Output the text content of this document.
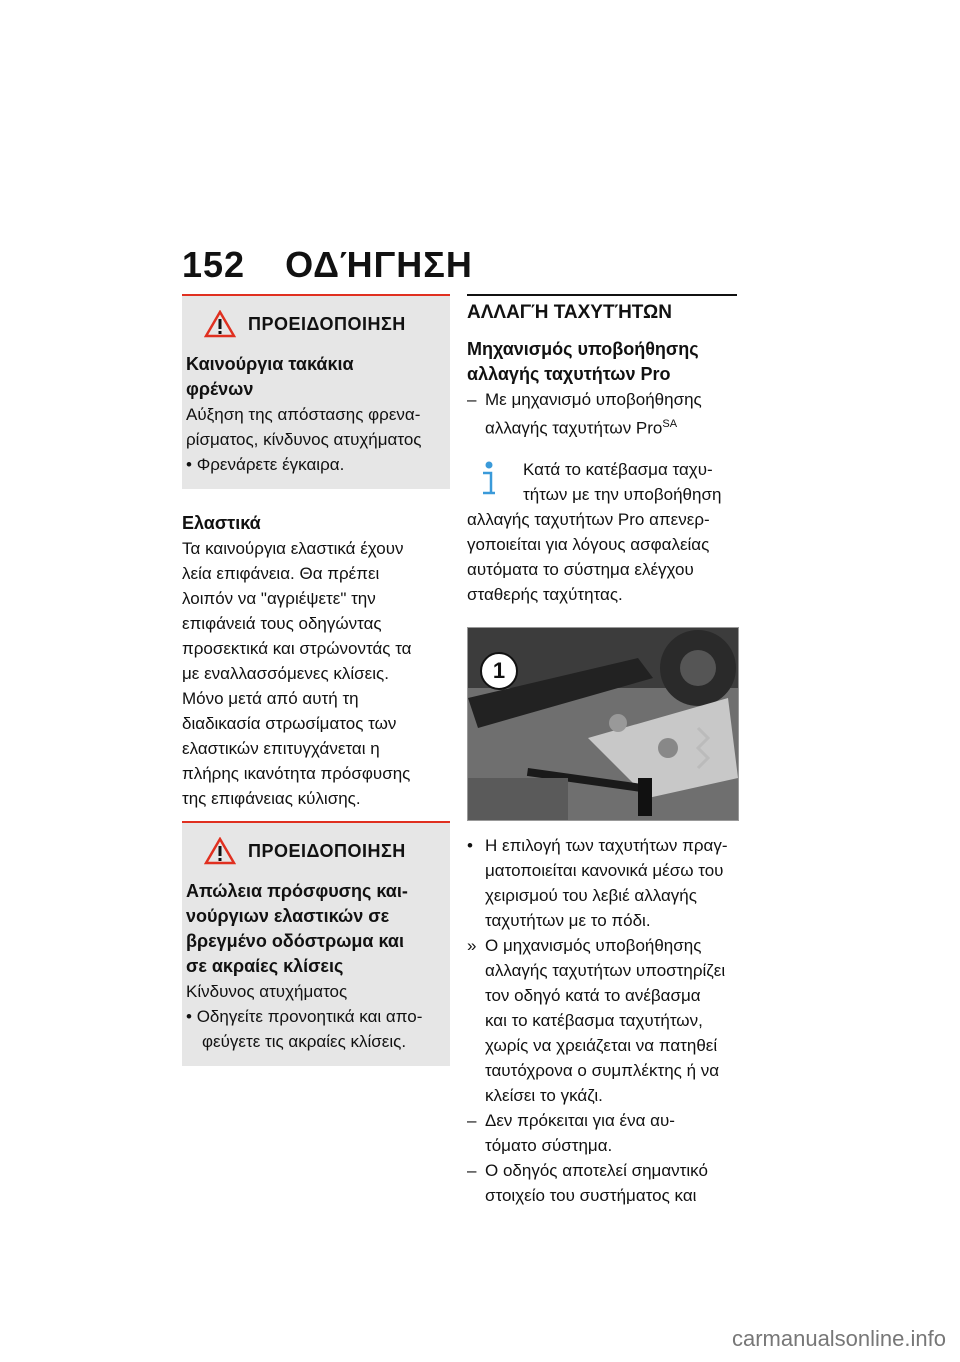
152 ΟΔΉΓΗΣΗ
ΠΡΟΕΙΔΟΠΟΙΗΣΗ
Καινούργια τακάκια
φρένων
Αύξηση της απόστασης φρενα-
ρίσματος, κίνδυνος ατυχήματος
• Φρενάρετε έγκαιρα.
Ελαστικά
Τα καινούργια ελαστικά έχουν
λεία επιφάνεια. Θα πρέπει
λοιπόν να "αγριέψετε" την
επιφάνειά τους οδηγώντας
προσεκτικά και στρώνοντάς τα
με εναλλασσόμενες κλίσεις.
Μόνο μετά από αυτή τη
διαδικασία στρωσίματος των
ελαστικών επιτυγχάνεται η
πλήρης ικανότητα πρόσφυσης
της επιφάνειας κύλισης.
ΠΡΟΕΙΔΟΠΟΙΗΣΗ
Απώλεια πρόσφυσης και-
νούργιων ελαστικών σε
βρεγμένο οδόστρωμα και
σε ακραίες κλίσεις
Κίνδυνος ατυχήματος
• Οδηγείτε προνοητικά και απο-
φεύγετε τις ακραίες κλίσεις.
ΑΛΛΑΓΉ ΤΑΧΥΤΉΤΩΝ
Μηχανισμός υποβοήθησης
αλλαγής ταχυτήτων Pro
– Με μηχανισμό υποβοήθησης
αλλαγής ταχυτήτων Pro$^{SA}$
Κατά το κατέβασμα ταχυ-
τήτων με την υποβοήθηση
αλλαγής ταχυτήτων Pro απενερ-
γοποιείται για λόγους ασφαλείας
αυτόματα το σύστημα ελέγχου
σταθερής ταχύτητας.
1
• Η επιλογή των ταχυτήτων πραγ-
ματοποιείται κανονικά μέσω του
χειρισμού του λεβιέ αλλαγής
ταχυτήτων με το πόδι.
» Ο μηχανισμός υποβοήθησης
αλλαγής ταχυτήτων υποστηρίζει
τον οδηγό κατά το ανέβασμα
και το κατέβασμα ταχυτήτων,
χωρίς να χρειάζεται να πατηθεί
ταυτόχρονα ο συμπλέκτης ή να
κλείσει το γκάζι.
– Δεν πρόκειται για ένα αυ-
τόματο σύστημα.
– Ο οδηγός αποτελεί σημαντικό
στοιχείο του συστήματος και
carmanualsonline.info
